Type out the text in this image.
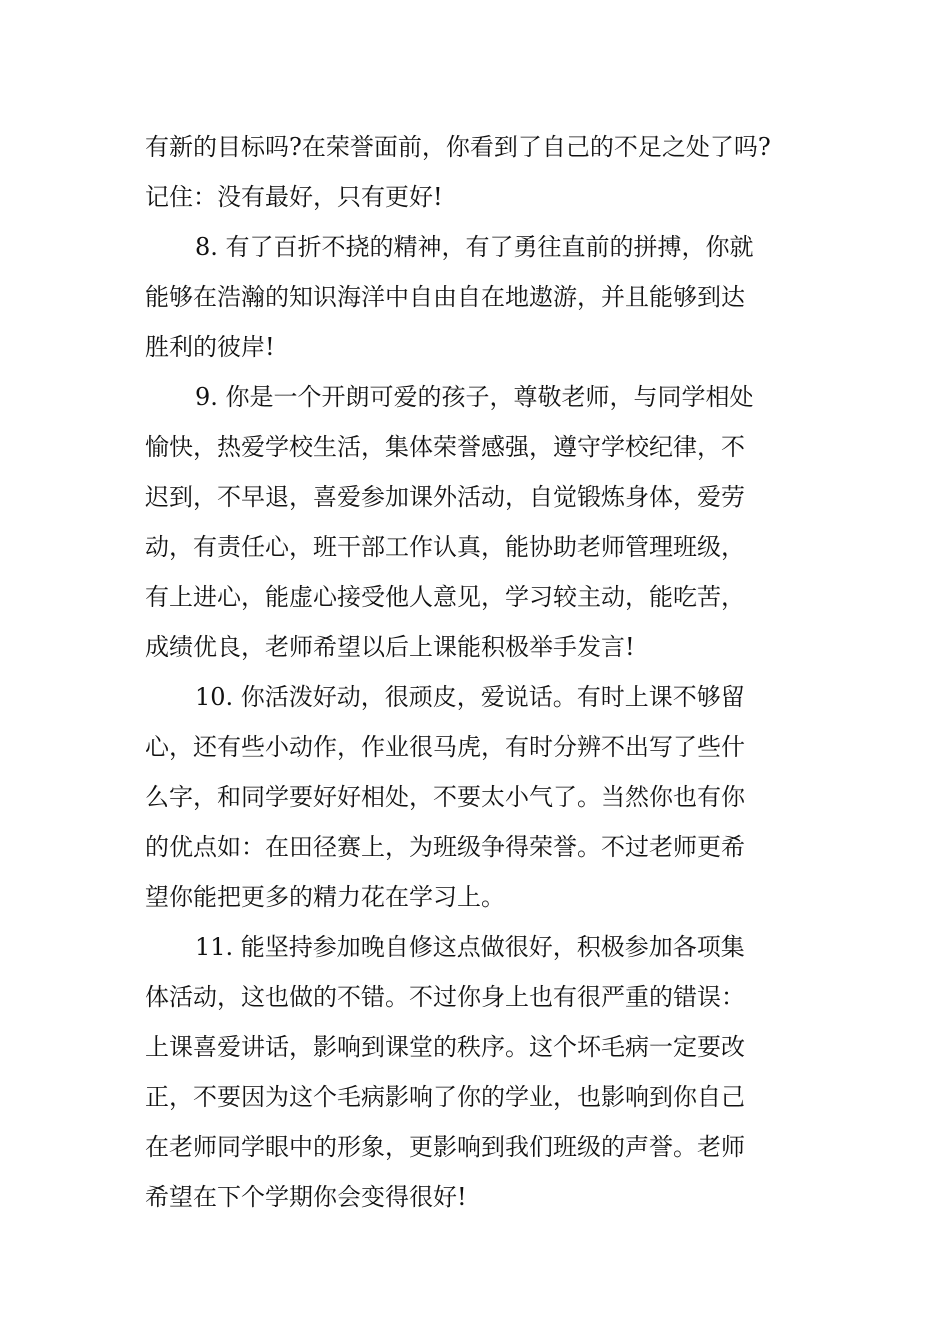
有新的目标吗?在荣誉面前，你看到了自己的不足之处了吗?
记住：没有最好，只有更好!
8. 有了百折不挠的精神，有了勇往直前的拼搏，你就
能够在浩瀚的知识海洋中自由自在地遨游，并且能够到达
胜利的彼岸!
9. 你是一个开朗可爱的孩子，尊敬老师，与同学相处
愉快，热爱学校生活，集体荣誉感强，遵守学校纪律，不
迟到，不早退，喜爱参加课外活动，自觉锻炼身体，爱劳
动，有责任心，班干部工作认真，能协助老师管理班级，
有上进心，能虚心接受他人意见，学习较主动，能吃苦，
成绩优良，老师希望以后上课能积极举手发言!
10. 你活泼好动，很顽皮，爱说话。有时上课不够留
心，还有些小动作，作业很马虎，有时分辨不出写了些什
么字，和同学要好好相处，不要太小气了。当然你也有你
的优点如：在田径赛上，为班级争得荣誉。不过老师更希
望你能把更多的精力花在学习上。
11. 能坚持参加晚自修这点做很好，积极参加各项集
体活动，这也做的不错。不过你身上也有很严重的错误：
上课喜爱讲话，影响到课堂的秩序。这个坏毛病一定要改
正，不要因为这个毛病影响了你的学业，也影响到你自己
在老师同学眼中的形象，更影响到我们班级的声誉。老师
希望在下个学期你会变得很好!
